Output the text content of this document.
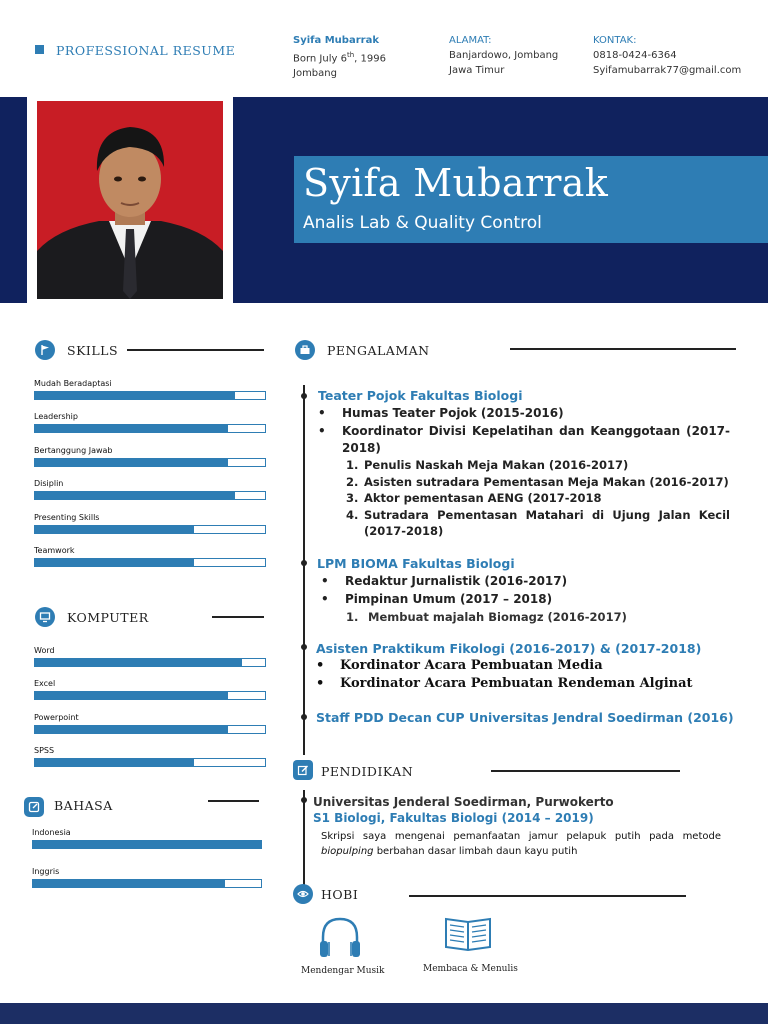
PROFESSIONAL RESUME
Syifa Mubarrak
Born July 6th, 1996
Jombang
ALAMAT:
Banjardowo, Jombang
Jawa Timur
KONTAK:
0818-0424-6364
Syifamubarrak77@gmail.com
Syifa Mubarrak
Analis Lab & Quality Control
SKILLS
Mudah Beradaptasi
Leadership
Bertanggung Jawab
Disiplin
Presenting Skills
Teamwork
KOMPUTER
Word
Excel
Powerpoint
SPSS
BAHASA
Indonesia
Inggris
PENGALAMAN
Teater Pojok Fakultas Biologi
• Humas Teater Pojok (2015-2016)
•	Koordinator Divisi Kepelatihan dan Keanggotaan (2017-2018)
1. Penulis Naskah Meja Makan (2016-2017)
2. Asisten sutradara Pementasan Meja Makan (2016-2017)
3. Aktor pementasan AENG (2017-2018
4. Sutradara Pementasan Matahari di Ujung Jalan Kecil (2017-2018)
LPM BIOMA Fakultas Biologi
• Redaktur Jurnalistik (2016-2017)
• Pimpinan Umum (2017 – 2018)
1. Membuat majalah Biomagz (2016-2017)
Asisten Praktikum Fikologi (2016-2017) & (2017-2018)
• Kordinator Acara Pembuatan Media
• Kordinator Acara Pembuatan Rendeman Alginat
Staff PDD Decan CUP Universitas Jendral Soedirman (2016)
PENDIDIKAN
Universitas Jenderal Soedirman, Purwokerto
S1 Biologi, Fakultas Biologi (2014 – 2019)
Skripsi saya mengenai pemanfaatan jamur pelapuk putih pada metode
biopulping berbahan dasar limbah daun kayu putih
HOBI
Mendengar Musik	Membaca & Menulis
